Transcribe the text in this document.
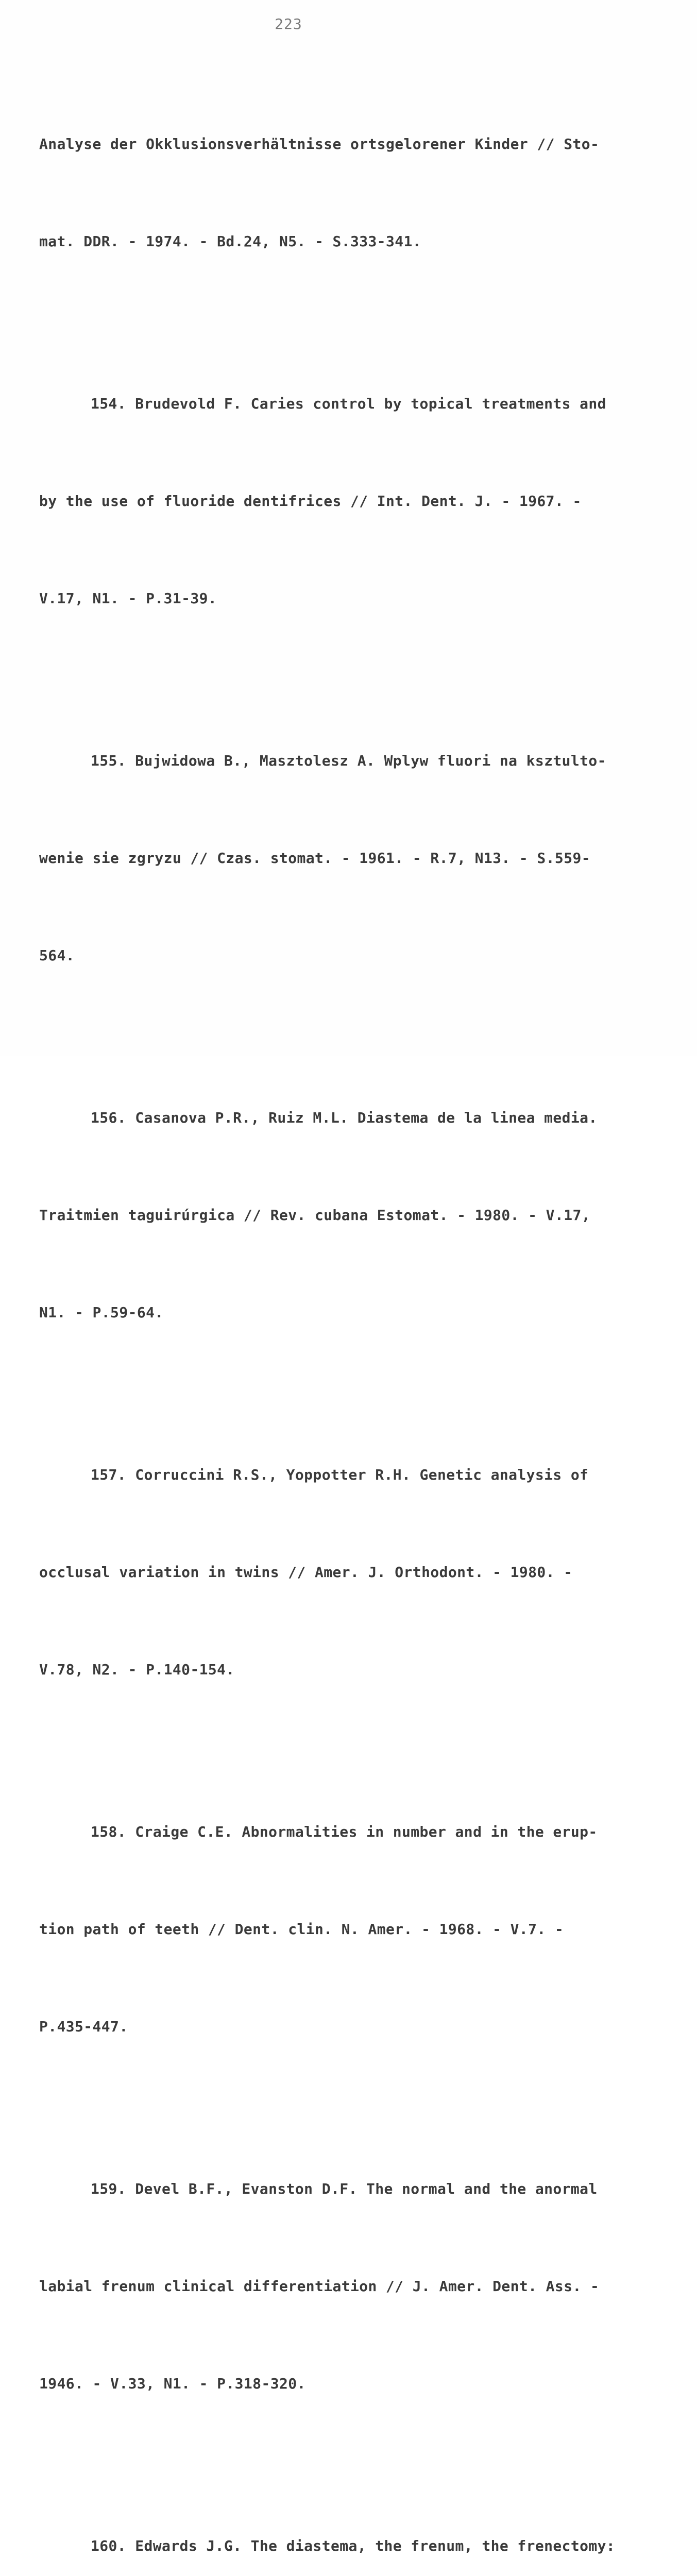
223

Analyse der Okklusionsverhältnisse ortsgelorener Kinder // Sto-

mat. DDR. - 1974. - Bd.24, N5. - S.333-341.

154. Brudevold F. Caries control by topical treatments and

by the use of fluoride dentifrices // Int. Dent. J. - 1967. -

V.17, N1. - P.31-39.

155. Bujwidowa B., Masztolesz A. Wplyw fluori na ksztulto-

wenie sie zgryzu // Czas. stomat. - 1961. - R.7, N13. - S.559-

564.

156. Casanova P.R., Ruiz M.L. Diastema de la linea media.

Traitmien taguirúrgica // Rev. cubana Estomat. - 1980. - V.17,

N1. - P.59-64.

157. Corruccini R.S., Yoppotter R.H. Genetic analysis of

occlusal variation in twins // Amer. J. Orthodont. - 1980. -

V.78, N2. - P.140-154.

158. Craige C.E. Abnormalities in number and in the erup-

tion path of teeth // Dent. clin. N. Amer. - 1968. - V.7. -

P.435-447.

159. Devel B.F., Evanston D.F. The normal and the anormal

labial frenum clinical differentiation // J. Amer. Dent. Ass. -

1946. - V.33, N1. - P.318-320.

160. Edwards J.G. The diastema, the frenum, the frenectomy:
